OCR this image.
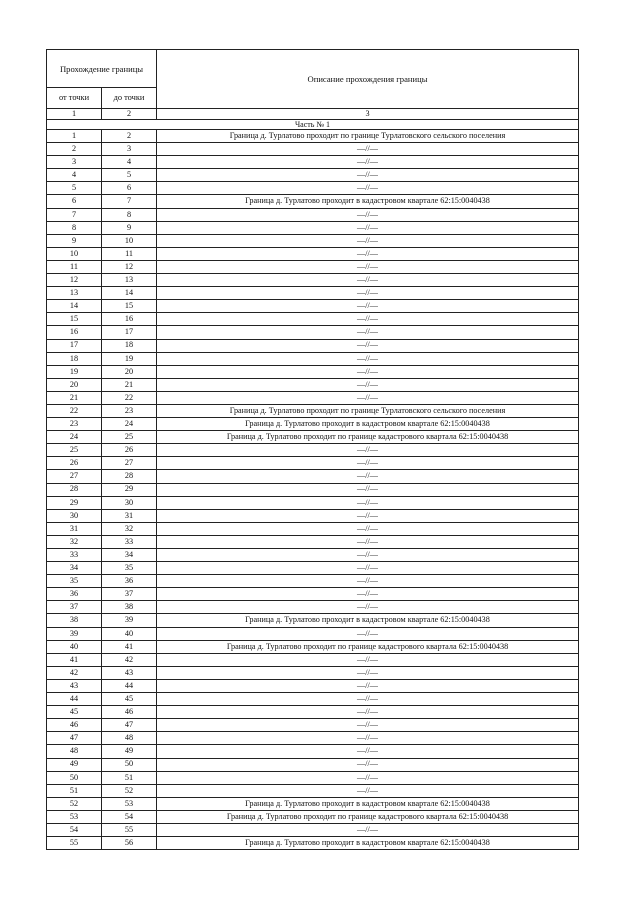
Прохождение границы		Описание прохождения границы
от точки	до точки	
1	2	3
Часть № 1		
1	2	Граница д. Турлатово проходит по границе Турлатовского сельского поселения
2	3	—//—
3	4	—//—
4	5	—//—
5	6	—//—
6	7	Граница д. Турлатово проходит в кадастровом квартале 62:15:0040438
7	8	—//—
8	9	—//—
9	10	—//—
10	11	—//—
11	12	—//—
12	13	—//—
13	14	—//—
14	15	—//—
15	16	—//—
16	17	—//—
17	18	—//—
18	19	—//—
19	20	—//—
20	21	—//—
21	22	—//—
22	23	Граница д. Турлатово проходит по границе Турлатовского сельского поселения
23	24	Граница д. Турлатово проходит в кадастровом квартале 62:15:0040438
24	25	Граница д. Турлатово проходит по границе кадастрового квартала 62:15:0040438
25	26	—//—
26	27	—//—
27	28	—//—
28	29	—//—
29	30	—//—
30	31	—//—
31	32	—//—
32	33	—//—
33	34	—//—
34	35	—//—
35	36	—//—
36	37	—//—
37	38	—//—
38	39	Граница д. Турлатово проходит в кадастровом квартале 62:15:0040438
39	40	—//—
40	41	Граница д. Турлатово проходит по границе кадастрового квартала 62:15:0040438
41	42	—//—
42	43	—//—
43	44	—//—
44	45	—//—
45	46	—//—
46	47	—//—
47	48	—//—
48	49	—//—
49	50	—//—
50	51	—//—
51	52	—//—
52	53	Граница д. Турлатово проходит в кадастровом квартале 62:15:0040438
53	54	Граница д. Турлатово проходит по границе кадастрового квартала 62:15:0040438
54	55	—//—
55	56	Граница д. Турлатово проходит в кадастровом квартале 62:15:0040438
